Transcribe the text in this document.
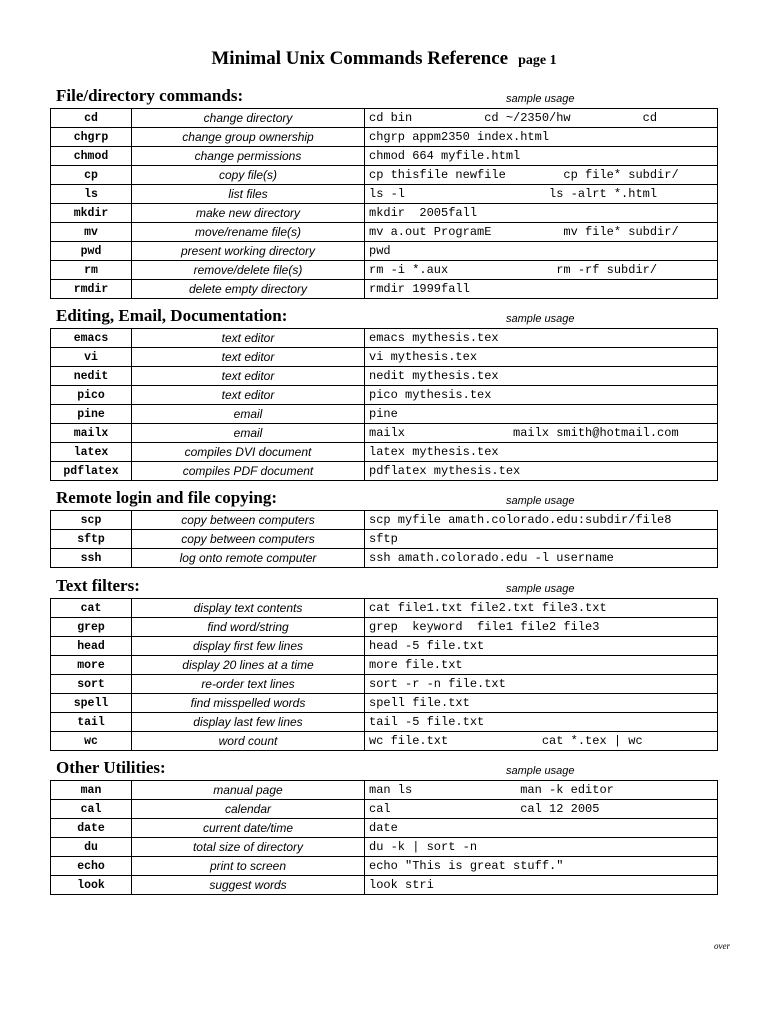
Minimal Unix Commands Reference page 1
File/directory commands:	sample usage
cd	change directory	cd bin          cd ~/2350/hw          cd
chgrp	change group ownership	chgrp appm2350 index.html
chmod	change permissions	chmod 664 myfile.html
cp	copy file(s)	cp thisfile newfile        cp file* subdir/
ls	list files	ls -l                    ls -alrt *.html
mkdir	make new directory	mkdir  2005fall
mv	move/rename file(s)	mv a.out ProgramE          mv file* subdir/
pwd	present working directory	pwd
rm	remove/delete file(s)	rm -i *.aux               rm -rf subdir/
rmdir	delete empty directory	rmdir 1999fall
Editing, Email, Documentation:	sample usage
emacs	text editor	emacs mythesis.tex
vi	text editor	vi mythesis.tex
nedit	text editor	nedit mythesis.tex
pico	text editor	pico mythesis.tex
pine	email	pine
mailx	email	mailx               mailx smith@hotmail.com
latex	compiles DVI document	latex mythesis.tex
pdflatex	compiles PDF document	pdflatex mythesis.tex
Remote login and file copying:	sample usage
scp	copy between computers	scp myfile amath.colorado.edu:subdir/file8
sftp	copy between computers	sftp
ssh	log onto remote computer	ssh amath.colorado.edu -l username
Text filters:	sample usage
cat	display text contents	cat file1.txt file2.txt file3.txt
grep	find word/string	grep  keyword  file1 file2 file3
head	display first few lines	head -5 file.txt
more	display 20 lines at a time	more file.txt
sort	re-order text lines	sort -r -n file.txt
spell	find misspelled words	spell file.txt
tail	display last few lines	tail -5 file.txt
wc	word count	wc file.txt             cat *.tex | wc
Other Utilities:	sample usage
man	manual page	man ls               man -k editor
cal	calendar	cal                  cal 12 2005
date	current date/time	date
du	total size of directory	du -k | sort -n
echo	print to screen	echo "This is great stuff."
look	suggest words	look stri
over
